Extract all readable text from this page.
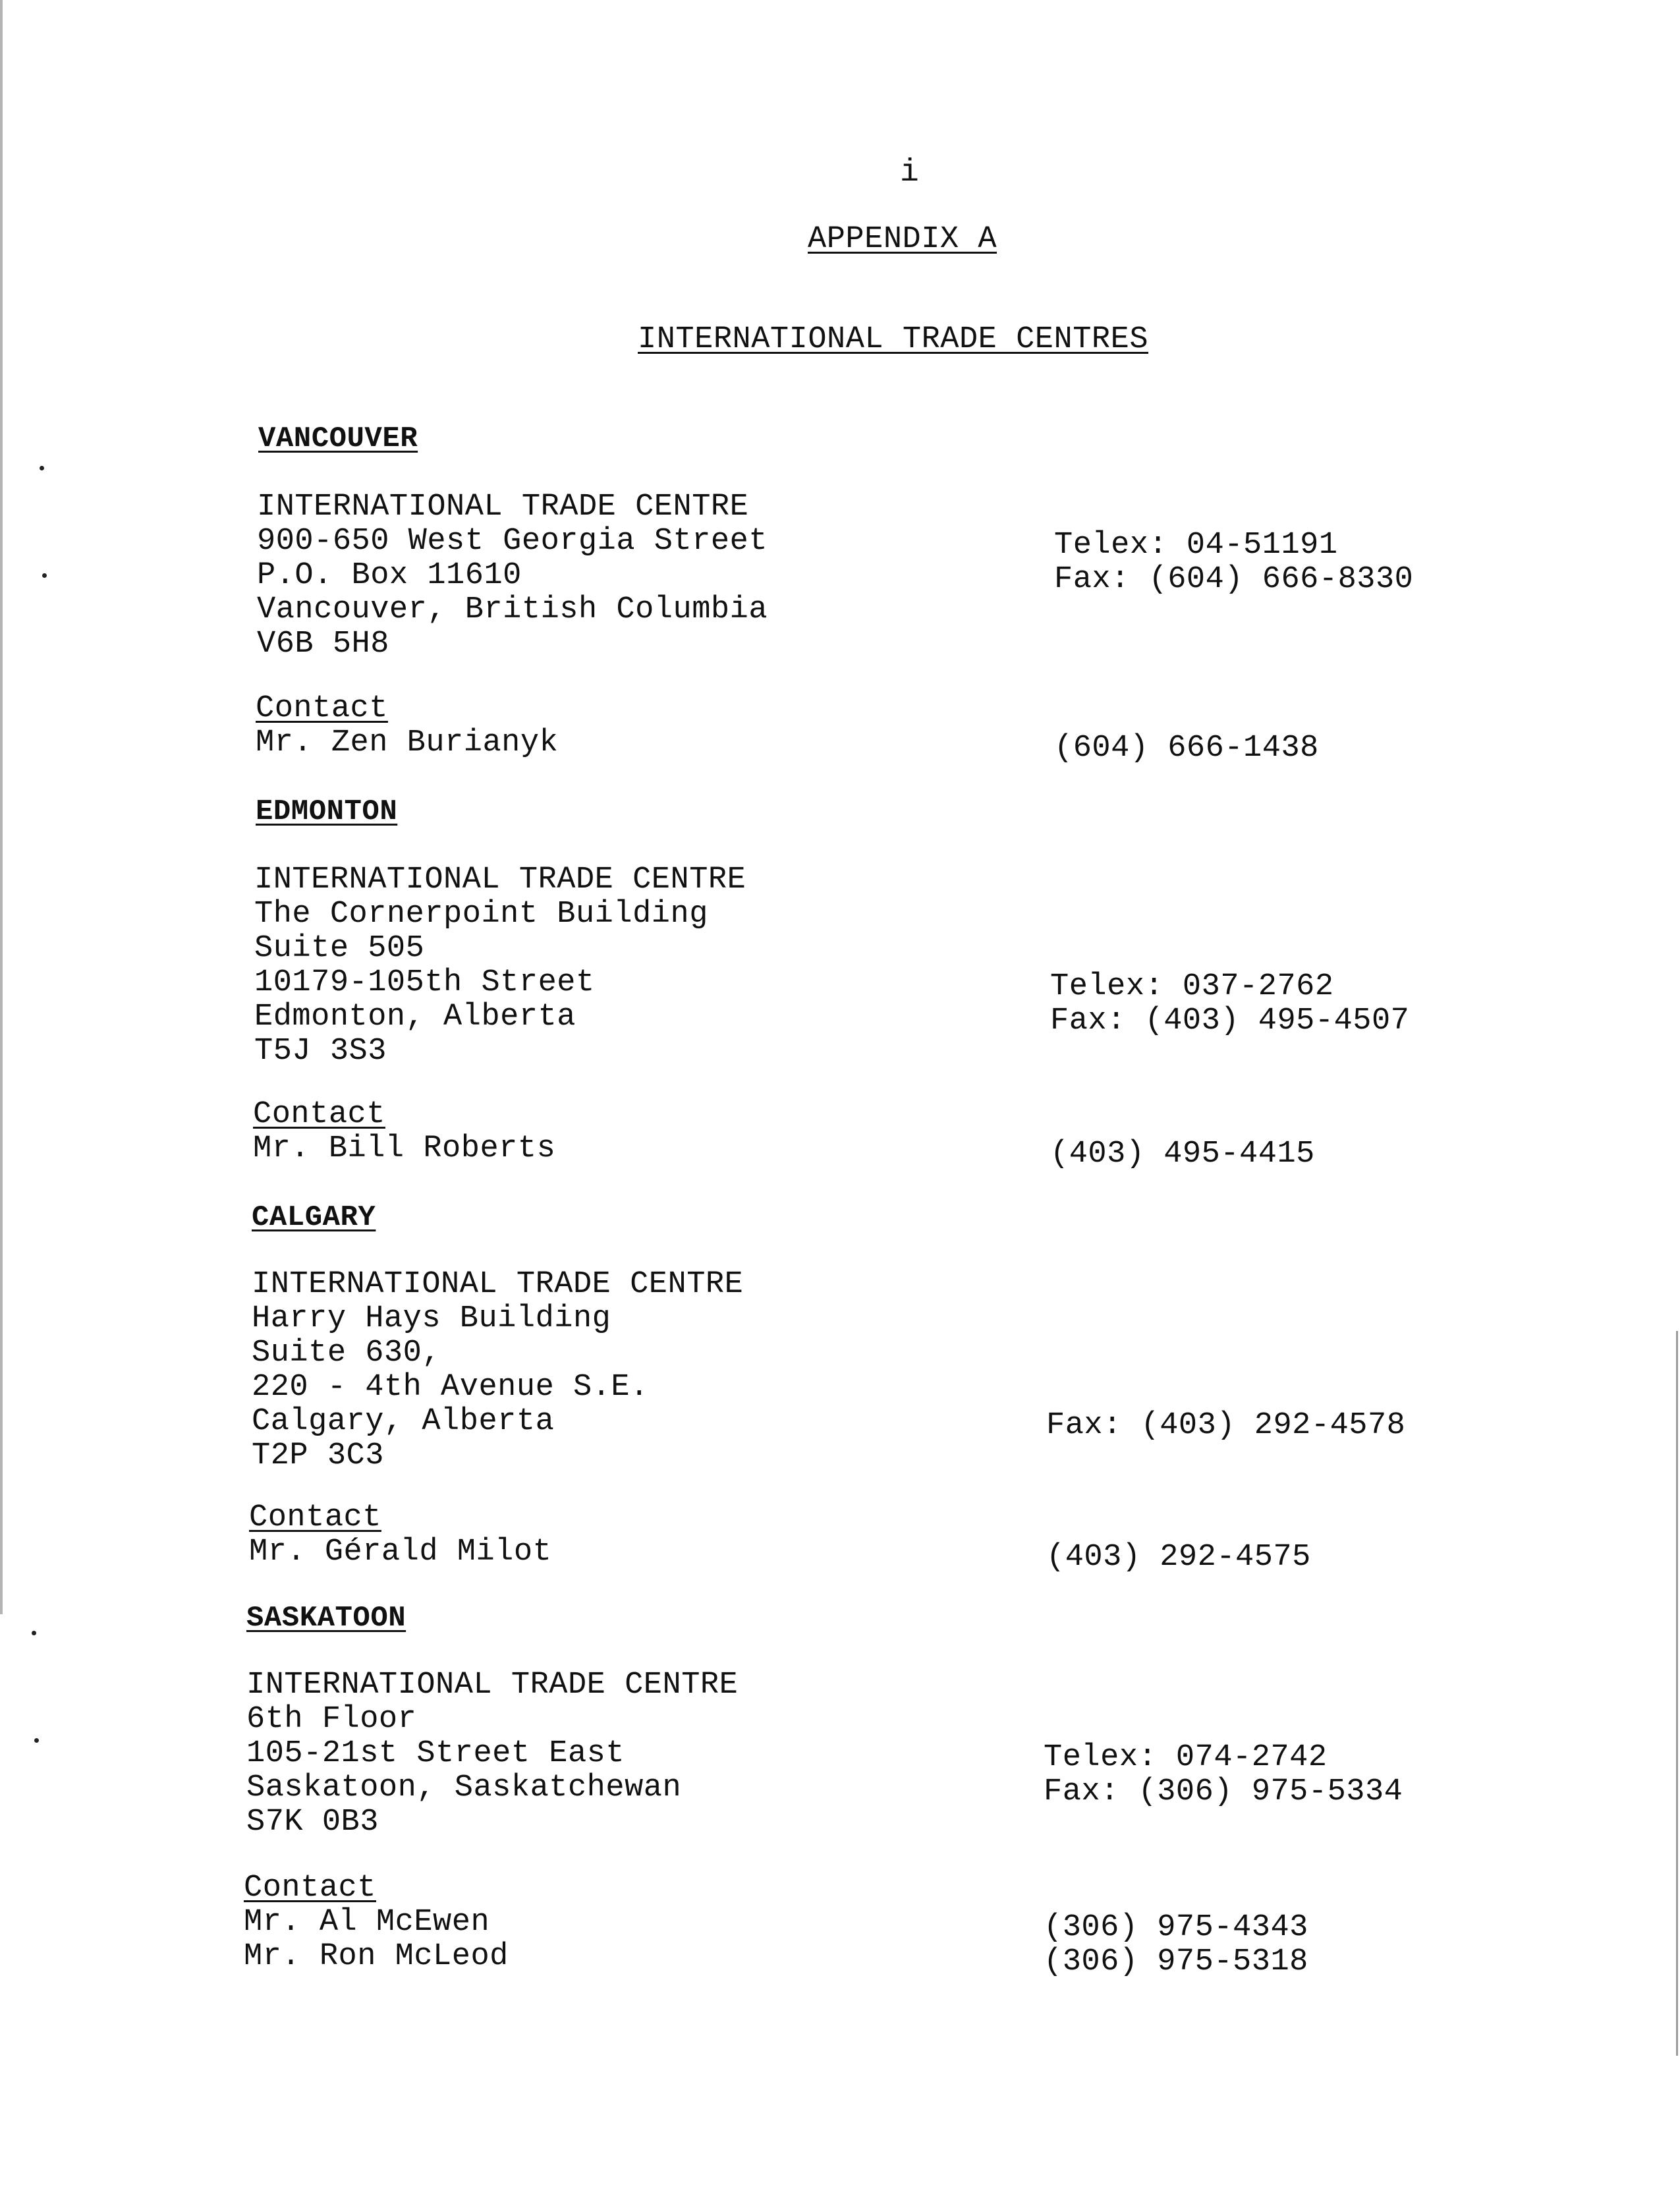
i
APPENDIX A
INTERNATIONAL TRADE CENTRES
VANCOUVER
INTERNATIONAL TRADE CENTRE
900-650 West Georgia Street
P.O. Box 11610
Vancouver, British Columbia
V6B 5H8
Telex: 04-51191
Fax: (604) 666-8330
Contact
Mr. Zen Burianyk	(604) 666-1438
EDMONTON
INTERNATIONAL TRADE CENTRE
The Cornerpoint Building
Suite 505
10179-105th Street
Edmonton, Alberta
T5J 3S3
Telex: 037-2762
Fax: (403) 495-4507
Contact
Mr. Bill Roberts	(403) 495-4415
CALGARY
INTERNATIONAL TRADE CENTRE
Harry Hays Building
Suite 630,
220 - 4th Avenue S.E.
Calgary, Alberta
T2P 3C3
Fax: (403) 292-4578
Contact
Mr. Gérald Milot	(403) 292-4575
SASKATOON
INTERNATIONAL TRADE CENTRE
6th Floor
105-21st Street East
Saskatoon, Saskatchewan
S7K 0B3
Telex: 074-2742
Fax: (306) 975-5334
Contact
Mr. Al McEwen	(306) 975-4343
Mr. Ron McLeod	(306) 975-5318
